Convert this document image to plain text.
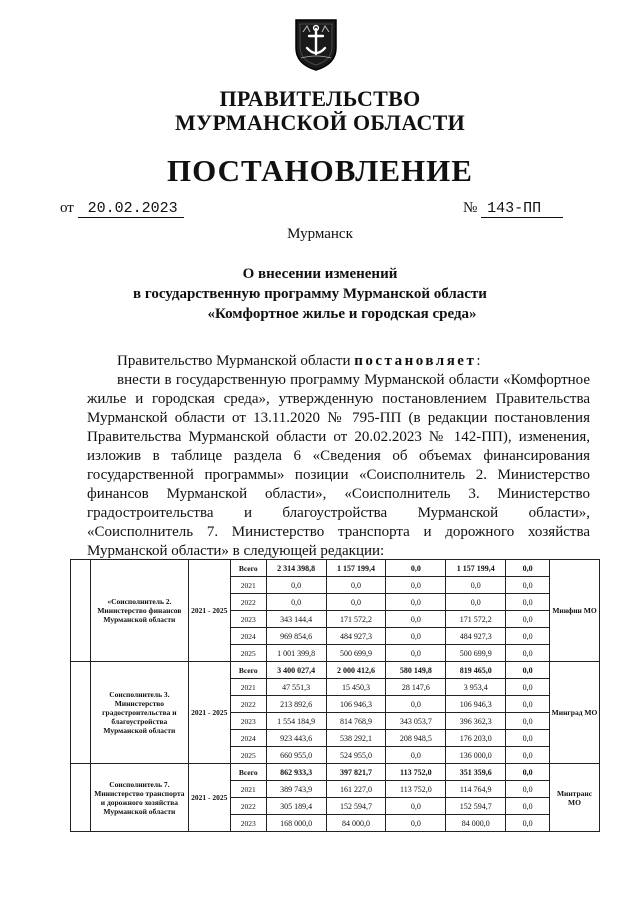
ПРАВИТЕЛЬСТВО
МУРМАНСКОЙ ОБЛАСТИ
ПОСТАНОВЛЕНИЕ
от 20.02.2023	№ 143-ПП
Мурманск
О внесении изменений
в государственную программу Мурманской области
«Комфортное жилье и городская среда»

Правительство Мурманской области постановляет:

внести в государственную программу Мурманской области «Комфортное жилье и городская среда», утвержденную постановлением Правительства Мурманской области от 13.11.2020 № 795-ПП (в редакции постановления Правительства Мурманской области от 20.02.2023 № 142-ПП), изменения, изложив в таблице раздела 6 «Сведения об объемах финансирования государственной программы» позиции «Соисполнитель 2. Министерство финансов Мурманской области», «Соисполнитель 3. Министерство градостроительства и благоустройства Мурманской области», «Соисполнитель 7. Министерство транспорта и дорожного хозяйства Мурманской области» в следующей редакции:

	«Соисполнитель 2. Министерство финансов Мурманской области	2021 - 2025	Всего	2 314 398,8	1 157 199,4	0,0	1 157 199,4	0,0	Минфин МО
			2021	0,0	0,0	0,0	0,0	0,0	
			2022	0,0	0,0	0,0	0,0	0,0	
			2023	343 144,4	171 572,2	0,0	171 572,2	0,0	
			2024	969 854,6	484 927,3	0,0	484 927,3	0,0	
			2025	1 001 399,8	500 699,9	0,0	500 699,9	0,0	
	Соисполнитель 3. Министерство градостроительства и благоустройства Мурманской области	2021 - 2025	Всего	3 400 027,4	2 000 412,6	580 149,8	819 465,0	0,0	Минград МО
			2021	47 551,3	15 450,3	28 147,6	3 953,4	0,0	
			2022	213 892,6	106 946,3	0,0	106 946,3	0,0	
			2023	1 554 184,9	814 768,9	343 053,7	396 362,3	0,0	
			2024	923 443,6	538 292,1	208 948,5	176 203,0	0,0	
			2025	660 955,0	524 955,0	0,0	136 000,0	0,0	
	Соисполнитель 7. Министерство транспорта и дорожного хозяйства Мурманской области	2021 - 2025	Всего	862 933,3	397 821,7	113 752,0	351 359,6	0,0	Минтранс МО
			2021	389 743,9	161 227,0	113 752,0	114 764,9	0,0	
			2022	305 189,4	152 594,7	0,0	152 594,7	0,0	
			2023	168 000,0	84 000,0	0,0	84 000,0	0,0	
